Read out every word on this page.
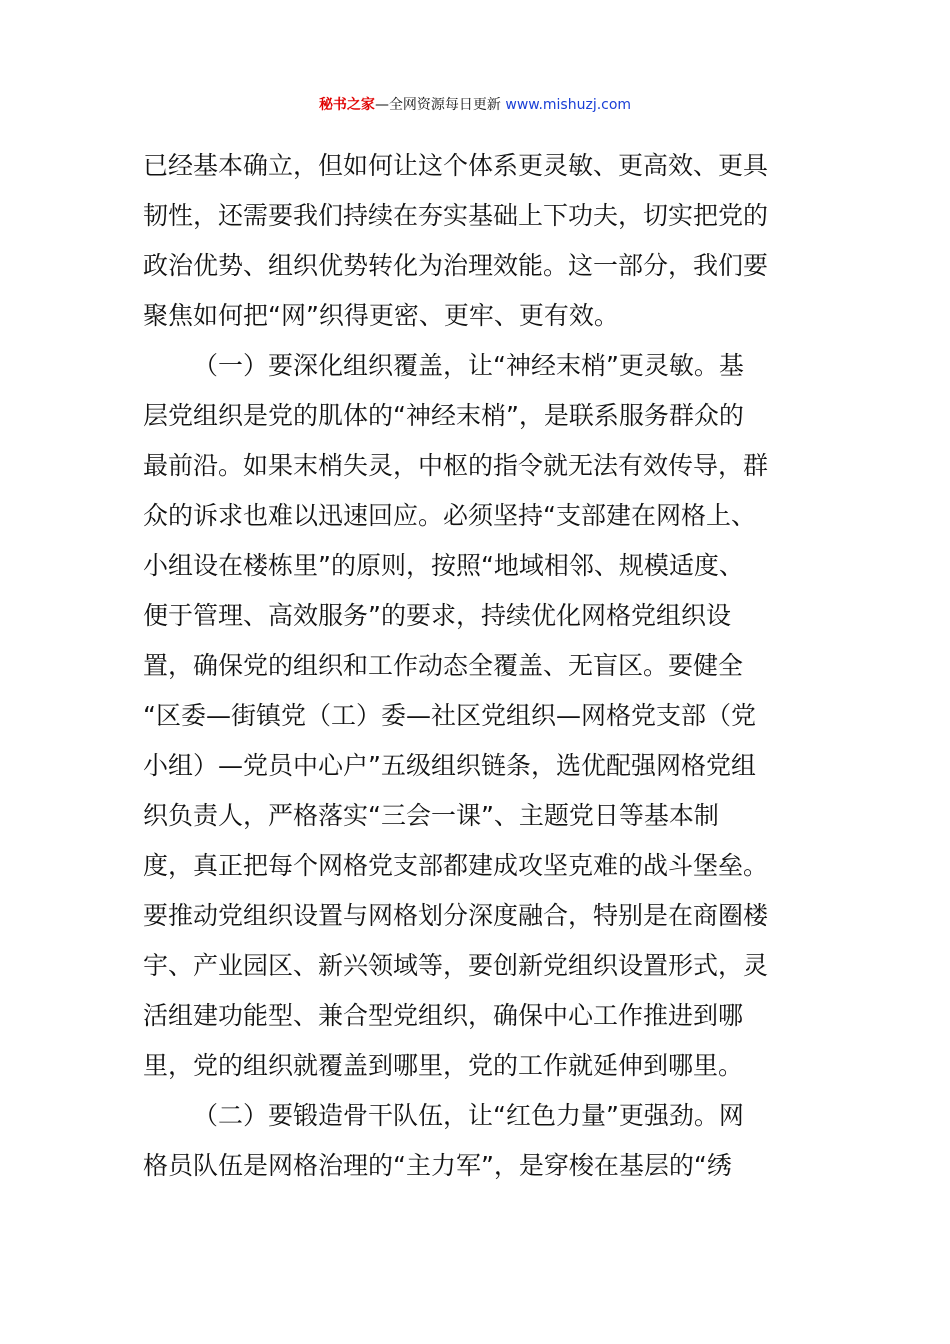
秘书之家—全网资源每日更新 www.mishuzj.com
已经基本确立，但如何让这个体系更灵敏、更高效、更具
韧性，还需要我们持续在夯实基础上下功夫，切实把党的
政治优势、组织优势转化为治理效能。这一部分，我们要
聚焦如何把“网”织得更密、更牢、更有效。
（一）要深化组织覆盖，让“神经末梢”更灵敏。基
层党组织是党的肌体的“神经末梢”，是联系服务群众的
最前沿。如果末梢失灵，中枢的指令就无法有效传导，群
众的诉求也难以迅速回应。必须坚持“支部建在网格上、
小组设在楼栋里”的原则，按照“地域相邻、规模适度、
便于管理、高效服务”的要求，持续优化网格党组织设
置，确保党的组织和工作动态全覆盖、无盲区。要健全
“区委—街镇党（工）委—社区党组织—网格党支部（党
小组）—党员中心户”五级组织链条，选优配强网格党组
织负责人，严格落实“三会一课”、主题党日等基本制
度，真正把每个网格党支部都建成攻坚克难的战斗堡垒。
要推动党组织设置与网格划分深度融合，特别是在商圈楼
宇、产业园区、新兴领域等，要创新党组织设置形式，灵
活组建功能型、兼合型党组织，确保中心工作推进到哪
里，党的组织就覆盖到哪里，党的工作就延伸到哪里。
（二）要锻造骨干队伍，让“红色力量”更强劲。网
格员队伍是网格治理的“主力军”，是穿梭在基层的“绣
